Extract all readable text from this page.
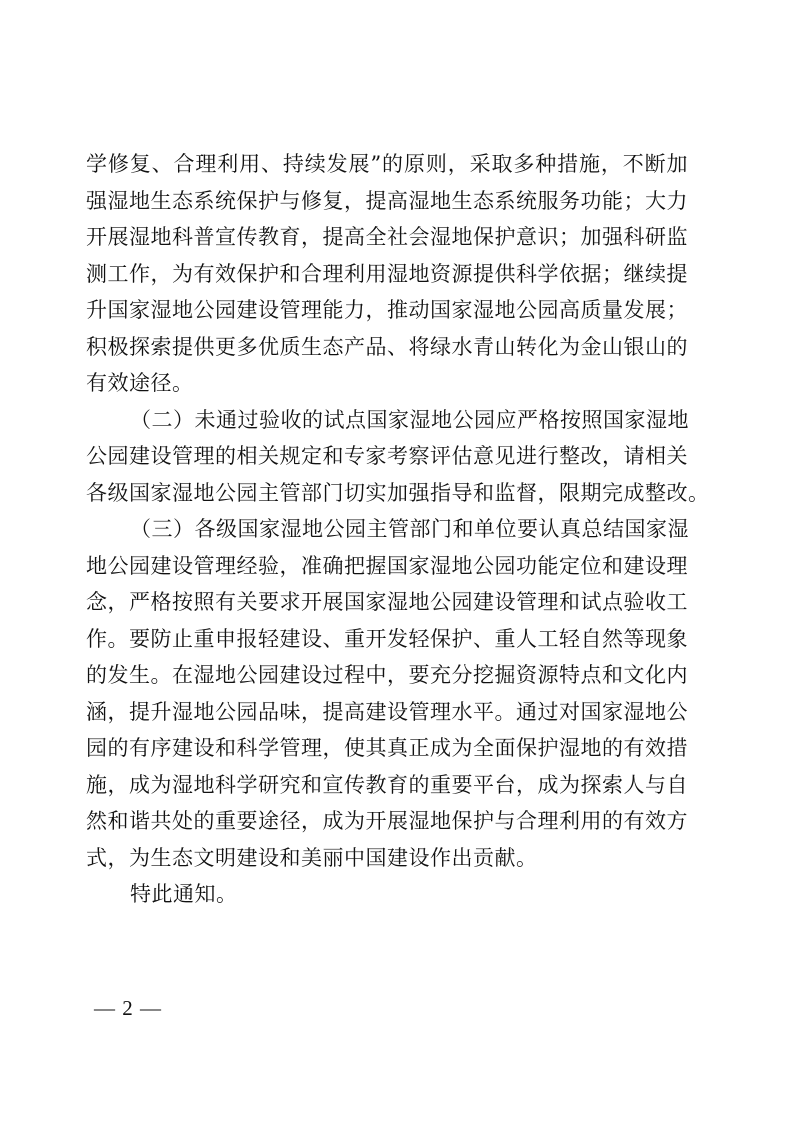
学修复、合理利用、持续发展”的原则，采取多种措施，不断加
强湿地生态系统保护与修复，提高湿地生态系统服务功能；大力
开展湿地科普宣传教育，提高全社会湿地保护意识；加强科研监
测工作，为有效保护和合理利用湿地资源提供科学依据；继续提
升国家湿地公园建设管理能力，推动国家湿地公园高质量发展；
积极探索提供更多优质生态产品、将绿水青山转化为金山银山的
有效途径。
（二）未通过验收的试点国家湿地公园应严格按照国家湿地
公园建设管理的相关规定和专家考察评估意见进行整改，请相关
各级国家湿地公园主管部门切实加强指导和监督，限期完成整改。
（三）各级国家湿地公园主管部门和单位要认真总结国家湿
地公园建设管理经验，准确把握国家湿地公园功能定位和建设理
念，严格按照有关要求开展国家湿地公园建设管理和试点验收工
作。要防止重申报轻建设、重开发轻保护、重人工轻自然等现象
的发生。在湿地公园建设过程中，要充分挖掘资源特点和文化内
涵，提升湿地公园品味，提高建设管理水平。通过对国家湿地公
园的有序建设和科学管理，使其真正成为全面保护湿地的有效措
施，成为湿地科学研究和宣传教育的重要平台，成为探索人与自
然和谐共处的重要途径，成为开展湿地保护与合理利用的有效方
式，为生态文明建设和美丽中国建设作出贡献。
特此通知。
— 2 —
